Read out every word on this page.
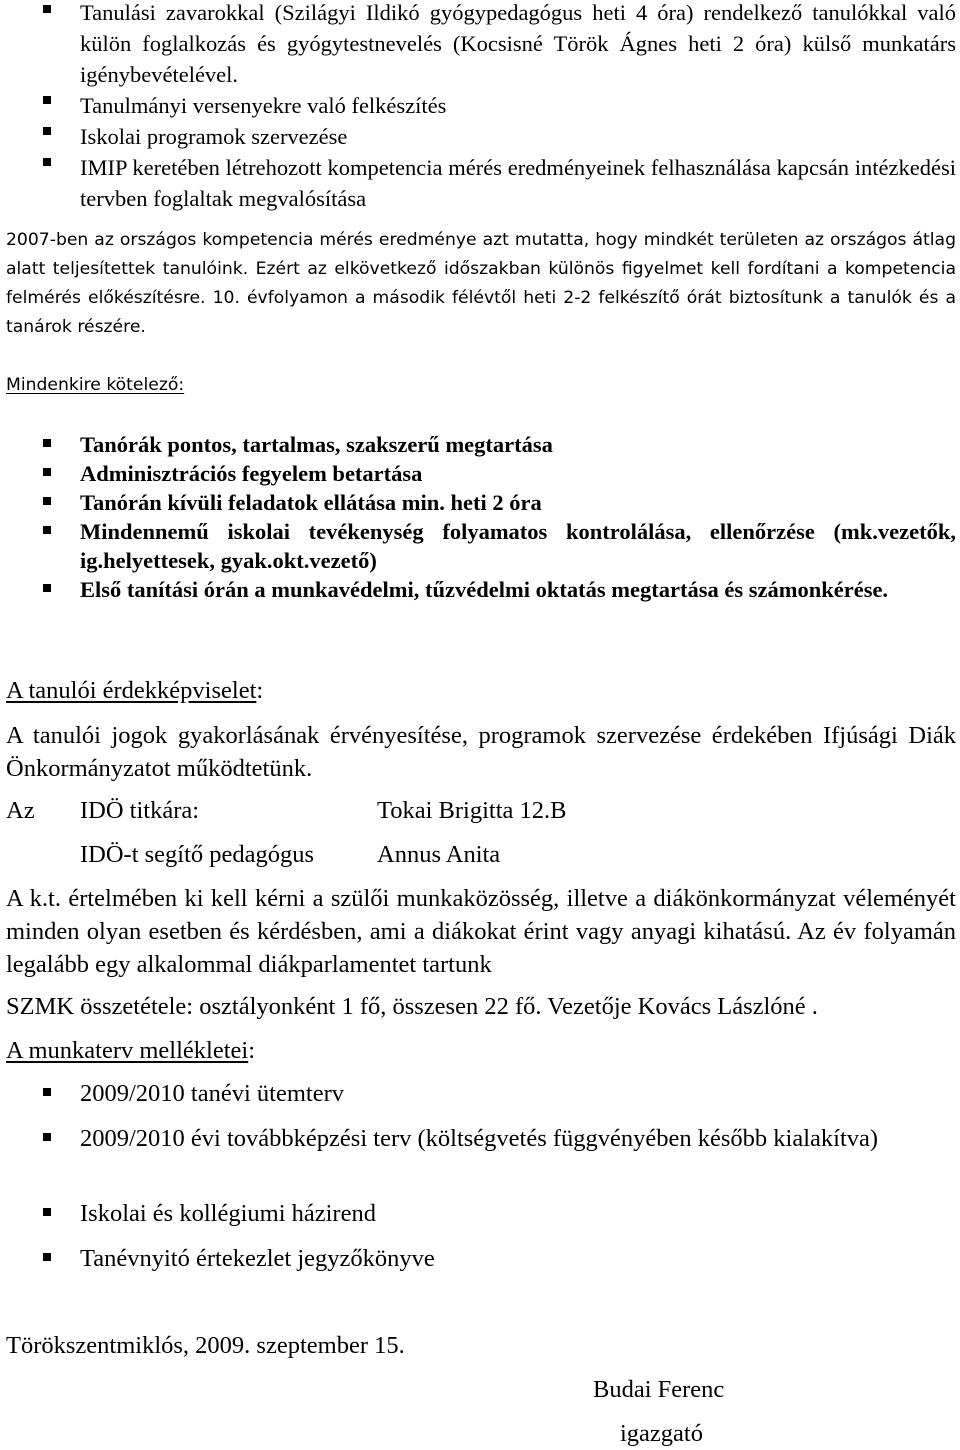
Tanulási zavarokkal (Szilágyi Ildikó gyógypedagógus heti 4 óra) rendelkező tanulókkal való külön foglalkozás és gyógytestnevelés (Kocsisné Török Ágnes heti 2 óra) külső munkatárs igénybevételével.
Tanulmányi versenyekre való felkészítés
Iskolai programok szervezése
IMIP keretében létrehozott kompetencia mérés eredményeinek felhasználása kapcsán intézkedési tervben foglaltak megvalósítása

2007-ben az országos kompetencia mérés eredménye azt mutatta, hogy mindkét területen az országos átlag alatt teljesítettek tanulóink. Ezért az elkövetkező időszakban különös figyelmet kell fordítani a kompetencia felmérés előkészítésre. 10. évfolyamon a második félévtől heti 2-2 felkészítő órát biztosítunk a tanulók és a tanárok részére.

Mindenkire kötelező:
Tanórák pontos, tartalmas, szakszerű megtartása
Adminisztrációs fegyelem betartása
Tanórán kívüli feladatok ellátása min. heti 2 óra
Mindennemű iskolai tevékenység folyamatos kontrolálása, ellenőrzése (mk.vezetők, ig.helyettesek, gyak.okt.vezető)
Első tanítási órán a munkavédelmi, tűzvédelmi oktatás megtartása és számonkérése.
A tanulói érdekképviselet:

A tanulói jogok gyakorlásának érvényesítése, programok szervezése érdekében Ifjúsági Diák Önkormányzatot működtetünk.

Az IDÖ titkára:	Tokai Brigitta 12.B
IDÖ-t segítő pedagógus	Annus Anita

A k.t. értelmében ki kell kérni a szülői munkaközösség, illetve a diákönkormányzat véleményét minden olyan esetben és kérdésben, ami a diákokat érint vagy anyagi kihatású. Az év folyamán legalább egy alkalommal diákparlamentet tartunk

SZMK összetétele: osztályonként 1 fő, összesen 22 fő. Vezetője Kovács Lászlóné .

A munkaterv mellékletei:
2009/2010 tanévi ütemterv
2009/2010 évi továbbképzési terv (költségvetés függvényében később kialakítva)
Iskolai és kollégiumi házirend
Tanévnyitó értekezlet jegyzőkönyve
Törökszentmiklós, 2009. szeptember 15.
Budai Ferenc
igazgató
